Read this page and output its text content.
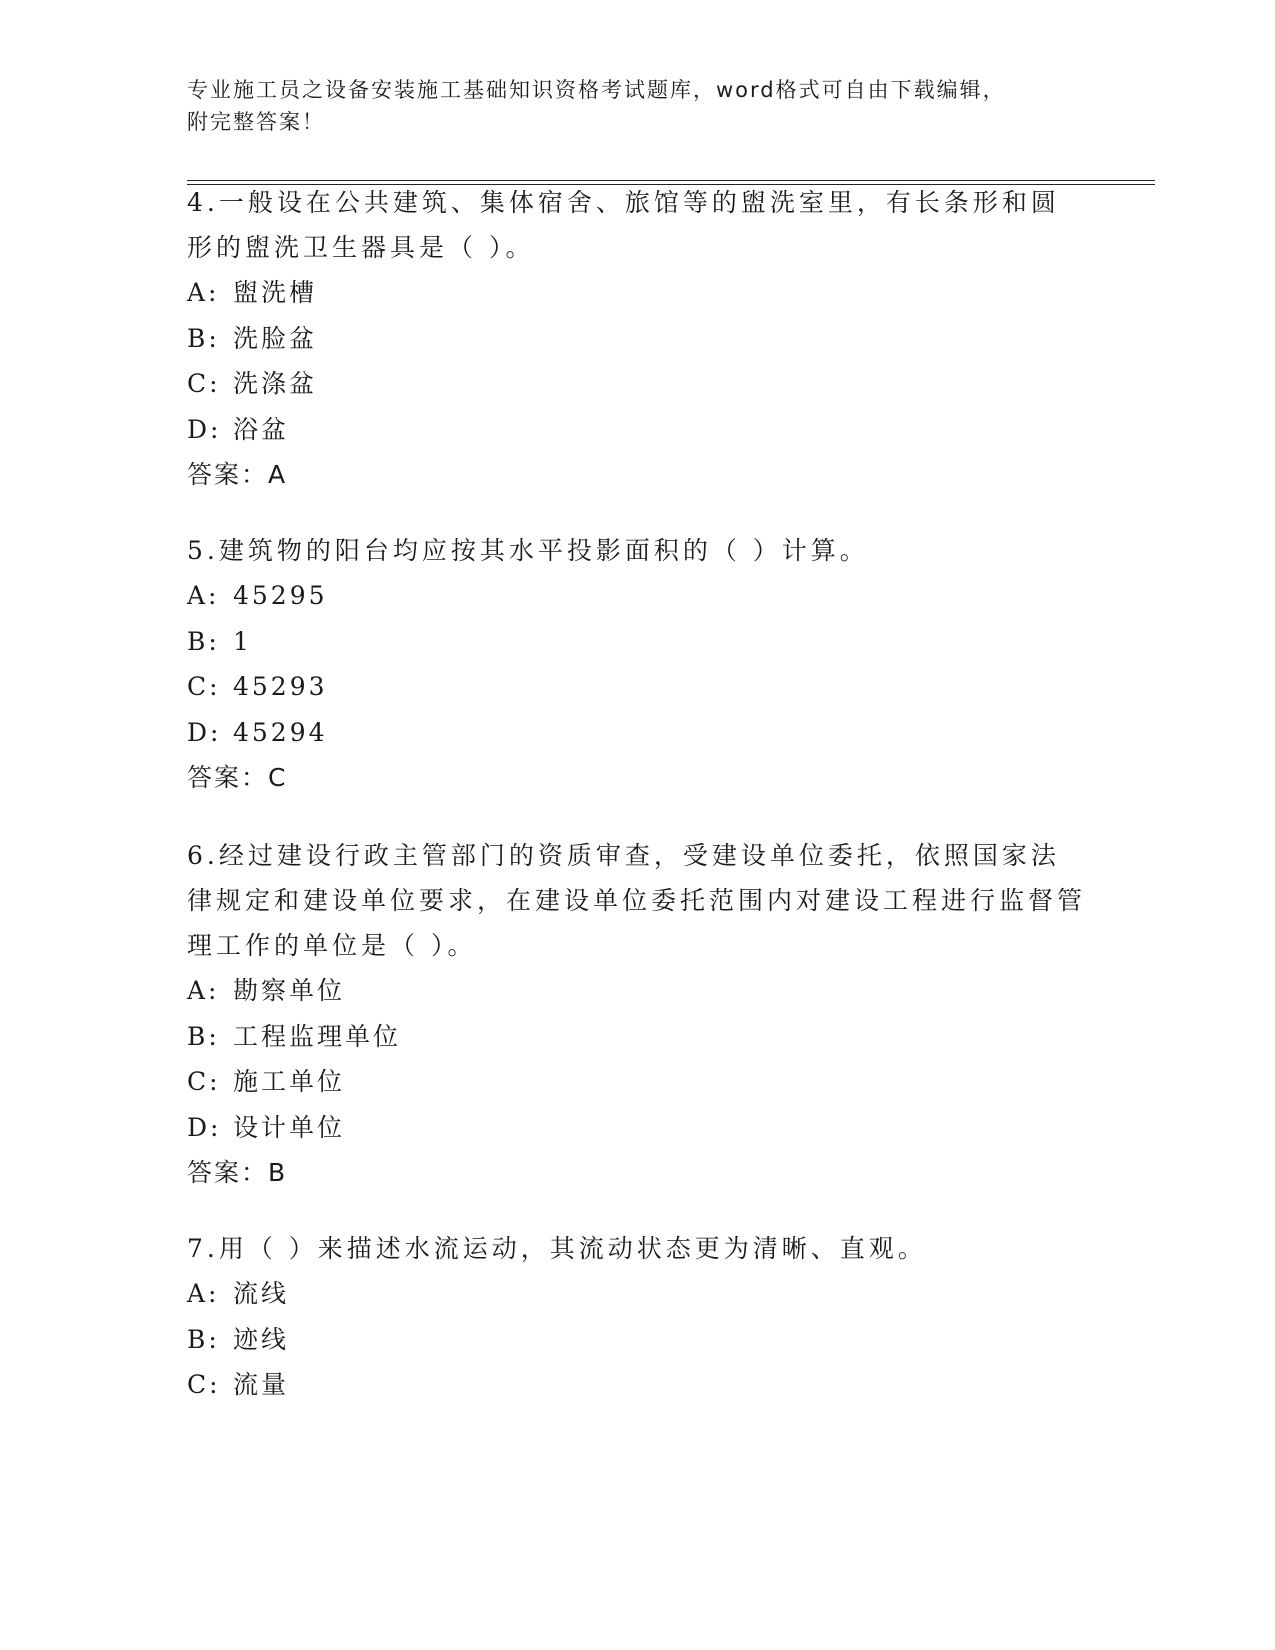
专业施工员之设备安装施工基础知识资格考试题库，word格式可自由下载编辑，
附完整答案！

4.一般设在公共建筑、集体宿舍、旅馆等的盥洗室里，有长条形和圆形的盥洗卫生器具是（ ）。

A: 盥洗槽
B: 洗脸盆
C: 洗涤盆
D: 浴盆
答案：A

5.建筑物的阳台均应按其水平投影面积的（ ）计算。

A: 45295
B: 1
C: 45293
D: 45294
答案：C

6.经过建设行政主管部门的资质审查，受建设单位委托，依照国家法律规定和建设单位要求，在建设单位委托范围内对建设工程进行监督管理工作的单位是（ ）。

A: 勘察单位
B: 工程监理单位
C: 施工单位
D: 设计单位
答案：B

7.用（ ）来描述水流运动，其流动状态更为清晰、直观。

A: 流线
B: 迹线
C: 流量
